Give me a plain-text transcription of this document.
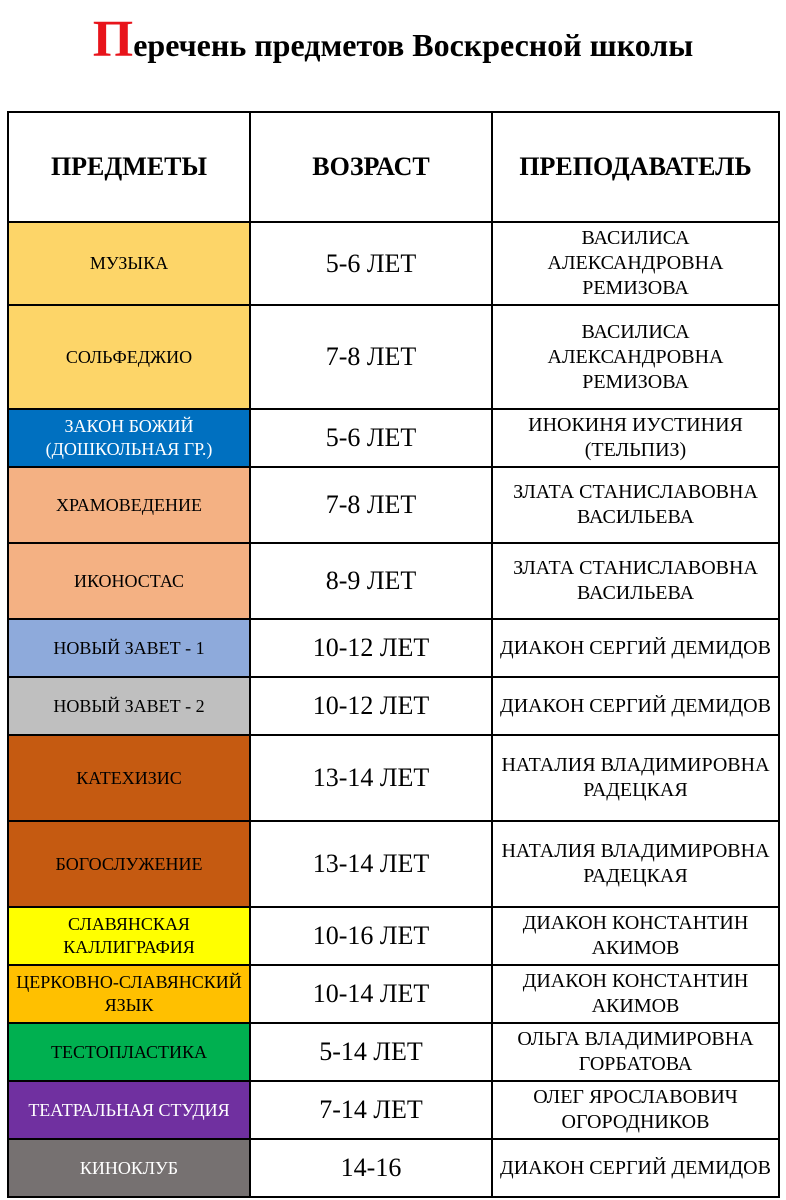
Перечень предметов Воскресной школы
ПРЕДМЕТЫ	ВОЗРАСТ	ПРЕПОДАВАТЕЛЬ
МУЗЫКА	5-6 ЛЕТ	ВАСИЛИСА АЛЕКСАНДРОВНА РЕМИЗОВА
СОЛЬФЕДЖИО	7-8 ЛЕТ	ВАСИЛИСА АЛЕКСАНДРОВНА РЕМИЗОВА
ЗАКОН БОЖИЙ (ДОШКОЛЬНАЯ ГР.)	5-6 ЛЕТ	ИНОКИНЯ ИУСТИНИЯ (ТЕЛЬПИЗ)
ХРАМОВЕДЕНИЕ	7-8 ЛЕТ	ЗЛАТА СТАНИСЛАВОВНА ВАСИЛЬЕВА
ИКОНОСТАС	8-9 ЛЕТ	ЗЛАТА СТАНИСЛАВОВНА ВАСИЛЬЕВА
НОВЫЙ ЗАВЕТ - 1	10-12 ЛЕТ	ДИАКОН СЕРГИЙ ДЕМИДОВ
НОВЫЙ ЗАВЕТ - 2	10-12 ЛЕТ	ДИАКОН СЕРГИЙ ДЕМИДОВ
КАТЕХИЗИС	13-14 ЛЕТ	НАТАЛИЯ ВЛАДИМИРОВНА РАДЕЦКАЯ
БОГОСЛУЖЕНИЕ	13-14 ЛЕТ	НАТАЛИЯ ВЛАДИМИРОВНА РАДЕЦКАЯ
СЛАВЯНСКАЯ КАЛЛИГРАФИЯ	10-16 ЛЕТ	ДИАКОН КОНСТАНТИН АКИМОВ
ЦЕРКОВНО-СЛАВЯНСКИЙ ЯЗЫК	10-14 ЛЕТ	ДИАКОН КОНСТАНТИН АКИМОВ
ТЕСТОПЛАСТИКА	5-14 ЛЕТ	ОЛЬГА ВЛАДИМИРОВНА ГОРБАТОВА
ТЕАТРАЛЬНАЯ СТУДИЯ	7-14 ЛЕТ	ОЛЕГ ЯРОСЛАВОВИЧ ОГОРОДНИКОВ
КИНОКЛУБ	14-16	ДИАКОН СЕРГИЙ ДЕМИДОВ
